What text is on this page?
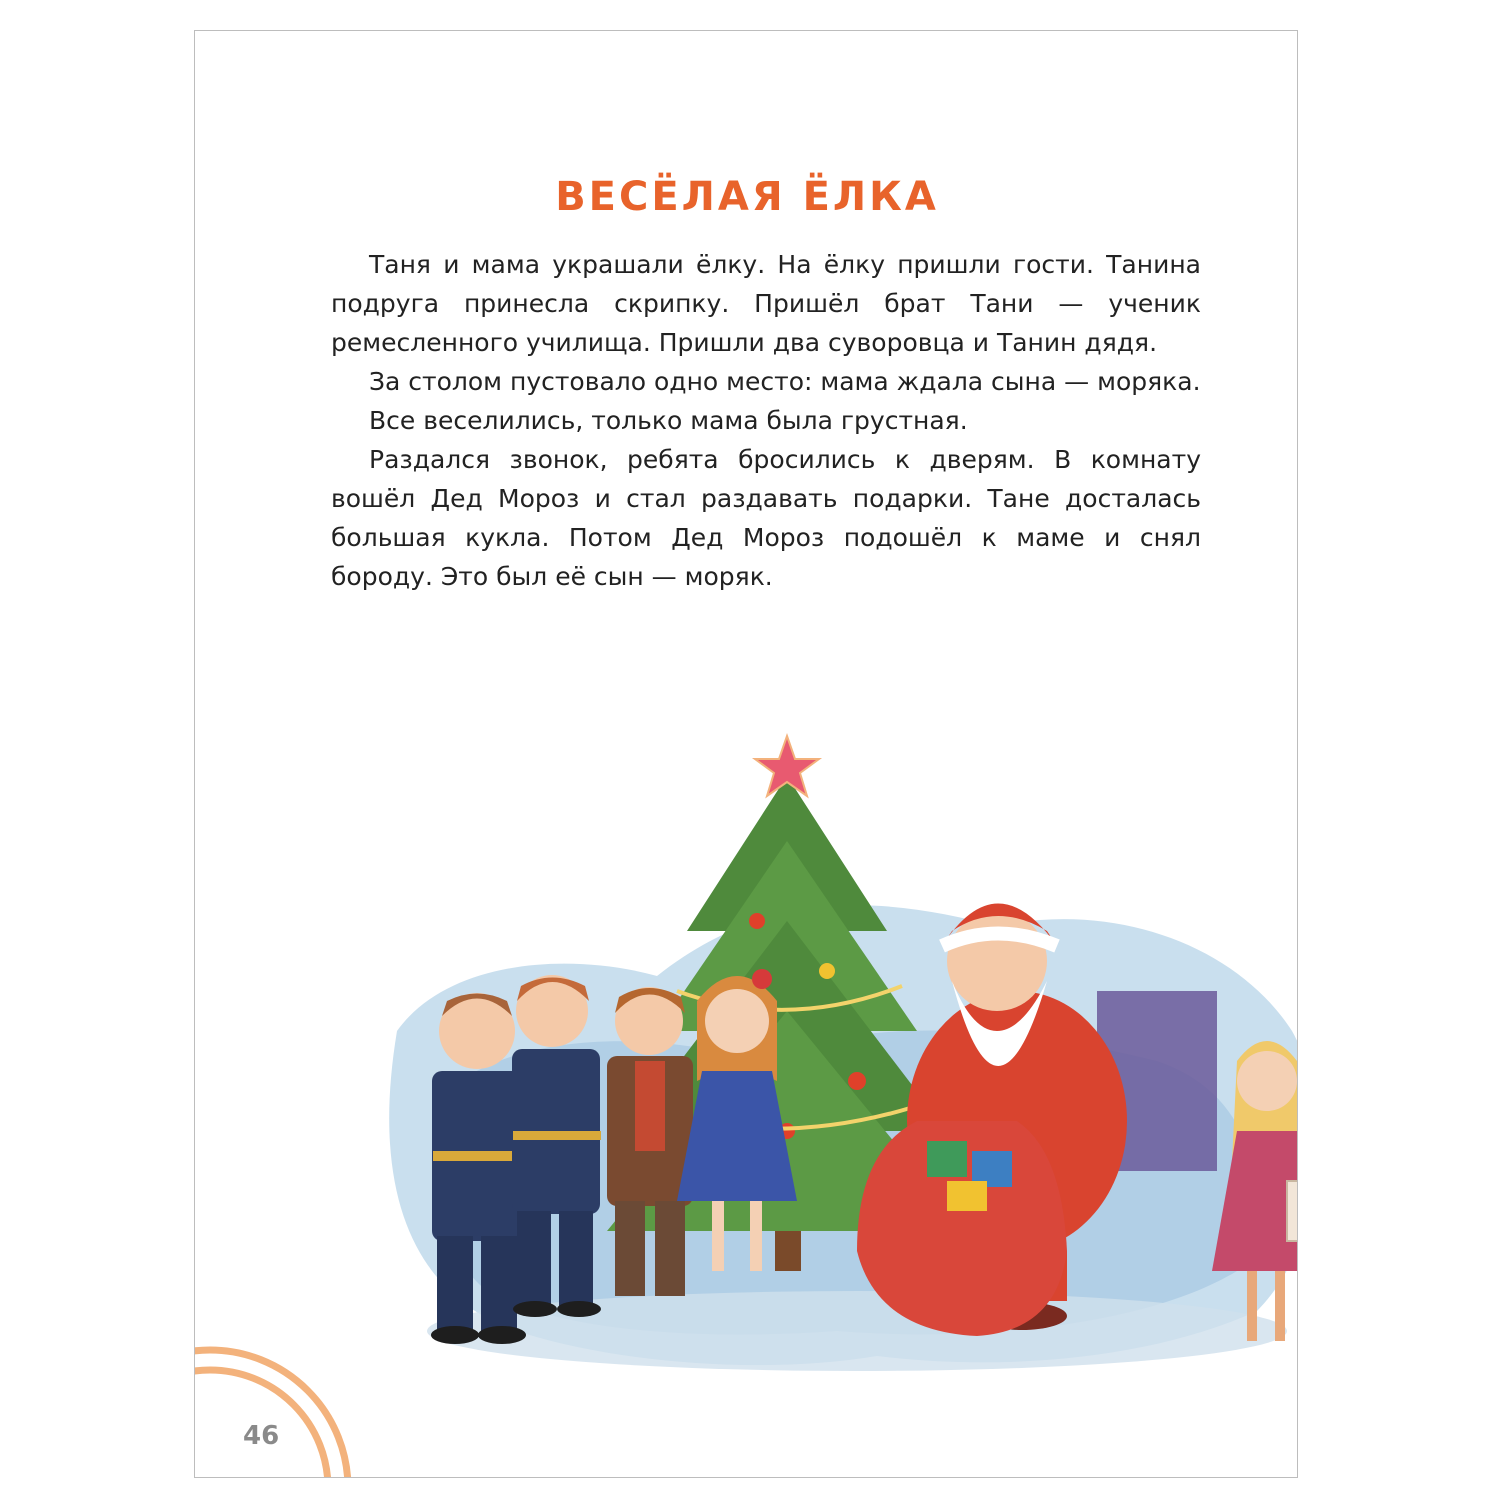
ВЕСЁЛАЯ ЁЛКА

Таня и мама украшали ёлку. На ёлку пришли гости. Танина подруга принесла скрипку. Пришёл брат Тани — ученик ремесленного училища. Пришли два суворовца и Танин дядя.

За столом пустовало одно место: мама ждала сына — моряка.

Все веселились, только мама была грустная.

Раздался звонок, ребята бросились к дверям. В комнату вошёл Дед Мороз и стал раздавать подарки. Тане досталась большая кукла. Потом Дед Мороз подошёл к маме и снял бороду. Это был её сын — моряк.

46
